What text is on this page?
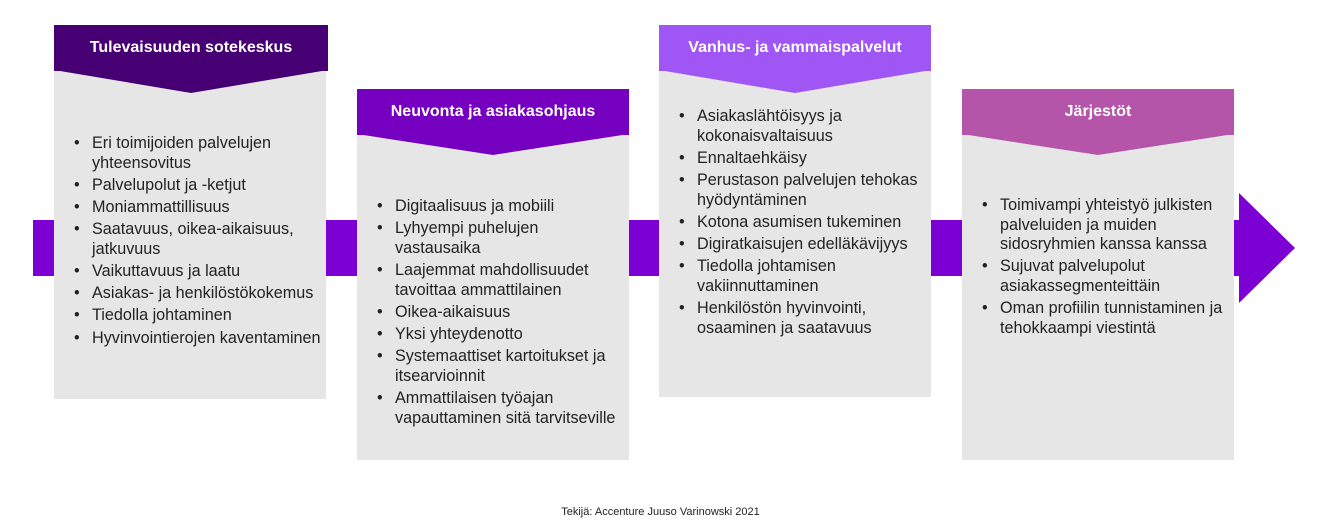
Tulevaisuuden sotekeskus
• Eri toimijoiden palvelujen yhteensovitus
• Palvelupolut ja -ketjut
• Moniammattillisuus
• Saatavuus, oikea-aikaisuus, jatkuvuus
• Vaikuttavuus ja laatu
• Asiakas- ja henkilöstökokemus
• Tiedolla johtaminen
• Hyvinvointierojen kaventaminen
Neuvonta ja asiakasohjaus
• Digitaalisuus ja mobiili
• Lyhyempi puhelujen vastausaika
• Laajemmat mahdollisuudet tavoittaa ammattilainen
• Oikea-aikaisuus
• Yksi yhteydenotto
• Systemaattiset kartoitukset ja itsearvioinnit
• Ammattilaisen työajan vapauttaminen sitä tarvitseville
Vanhus- ja vammaispalvelut
• Asiakaslähtöisyys ja kokonaisvaltaisuus
• Ennaltaehkäisy
• Perustason palvelujen tehokas hyödyntäminen
• Kotona asumisen tukeminen
• Digiratkaisujen edelläkävijyys
• Tiedolla johtamisen vakiinnuttaminen
• Henkilöstön hyvinvointi, osaaminen ja saatavuus
Järjestöt
• Toimivampi yhteistyö julkisten palveluiden ja muiden sidosryhmien kanssa kanssa
• Sujuvat palvelupolut asiakassegmenteittäin
• Oman profiilin tunnistaminen ja tehokkaampi viestintä
Tekijä: Accenture Juuso Varinowski 2021
